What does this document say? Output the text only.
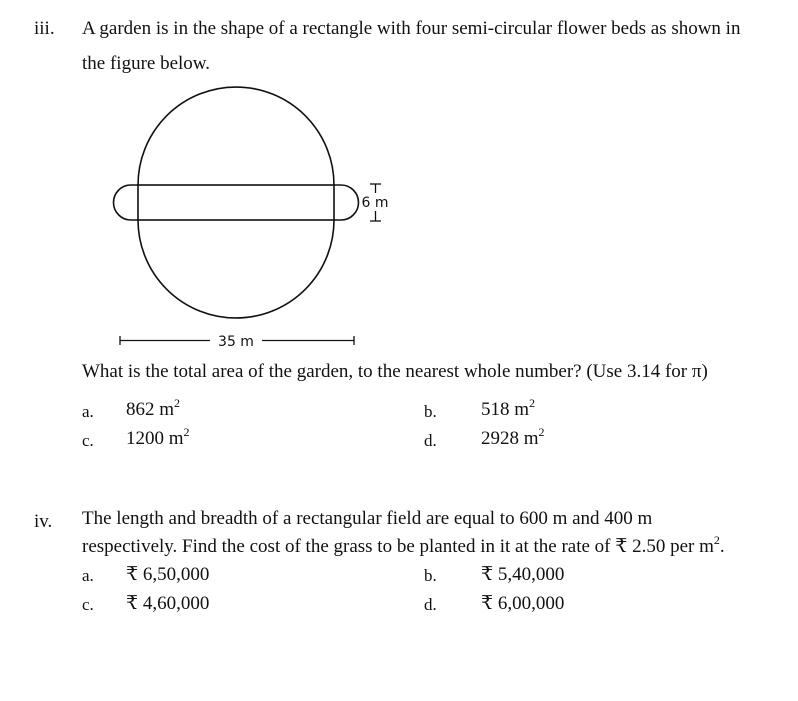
iii. A garden is in the shape of a rectangle with four semi-circular flower beds as shown in
the figure below.
6 m
35 m
What is the total area of the garden, to the nearest whole number? (Use 3.14 for π)
a. 862 $m^2$	b. 518 $m^2$
c. 1200 $m^2$	d. 2928 $m^2$
iv. The length and breadth of a rectangular field are equal to 600 m and 400 m
respectively. Find the cost of the grass to be planted in it at the rate of ₹ 2.50 per $m^2$.
a. ₹ 6,50,000	b. ₹ 5,40,000
c. ₹ 4,60,000	d. ₹ 6,00,000
